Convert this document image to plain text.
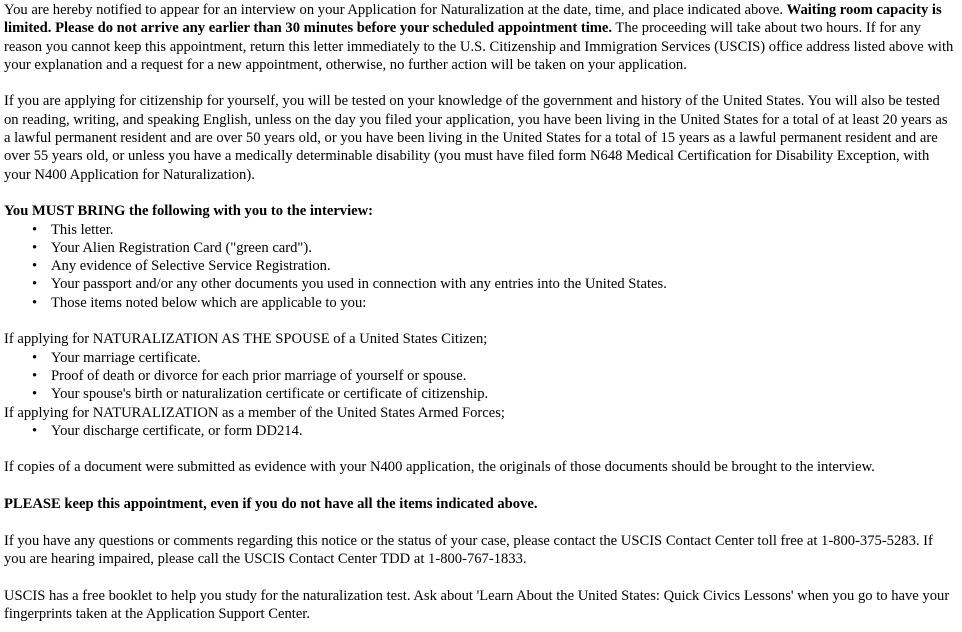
You are hereby notified to appear for an interview on your Application for Naturalization at the date, time, and place indicated above. Waiting room capacity is limited. Please do not arrive any earlier than 30 minutes before your scheduled appointment time. The proceeding will take about two hours. If for any reason you cannot keep this appointment, return this letter immediately to the U.S. Citizenship and Immigration Services (USCIS) office address listed above with your explanation and a request for a new appointment, otherwise, no further action will be taken on your application.

If you are applying for citizenship for yourself, you will be tested on your knowledge of the government and history of the United States. You will also be tested on reading, writing, and speaking English, unless on the day you filed your application, you have been living in the United States for a total of at least 20 years as a lawful permanent resident and are over 50 years old, or you have been living in the United States for a total of 15 years as a lawful permanent resident and are over 55 years old, or unless you have a medically determinable disability (you must have filed form N648 Medical Certification for Disability Exception, with your N400 Application for Naturalization).

You MUST BRING the following with you to the interview:
• This letter.
• Your Alien Registration Card ("green card").
• Any evidence of Selective Service Registration.
• Your passport and/or any other documents you used in connection with any entries into the United States.
• Those items noted below which are applicable to you:
If applying for NATURALIZATION AS THE SPOUSE of a United States Citizen;
• Your marriage certificate.
• Proof of death or divorce for each prior marriage of yourself or spouse.
• Your spouse's birth or naturalization certificate or certificate of citizenship.
If applying for NATURALIZATION as a member of the United States Armed Forces;
• Your discharge certificate, or form DD214.

If copies of a document were submitted as evidence with your N400 application, the originals of those documents should be brought to the interview.

PLEASE keep this appointment, even if you do not have all the items indicated above.

If you have any questions or comments regarding this notice or the status of your case, please contact the USCIS Contact Center toll free at 1-800-375-5283. If you are hearing impaired, please call the USCIS Contact Center TDD at 1-800-767-1833.

USCIS has a free booklet to help you study for the naturalization test. Ask about 'Learn About the United States: Quick Civics Lessons' when you go to have your fingerprints taken at the Application Support Center.
